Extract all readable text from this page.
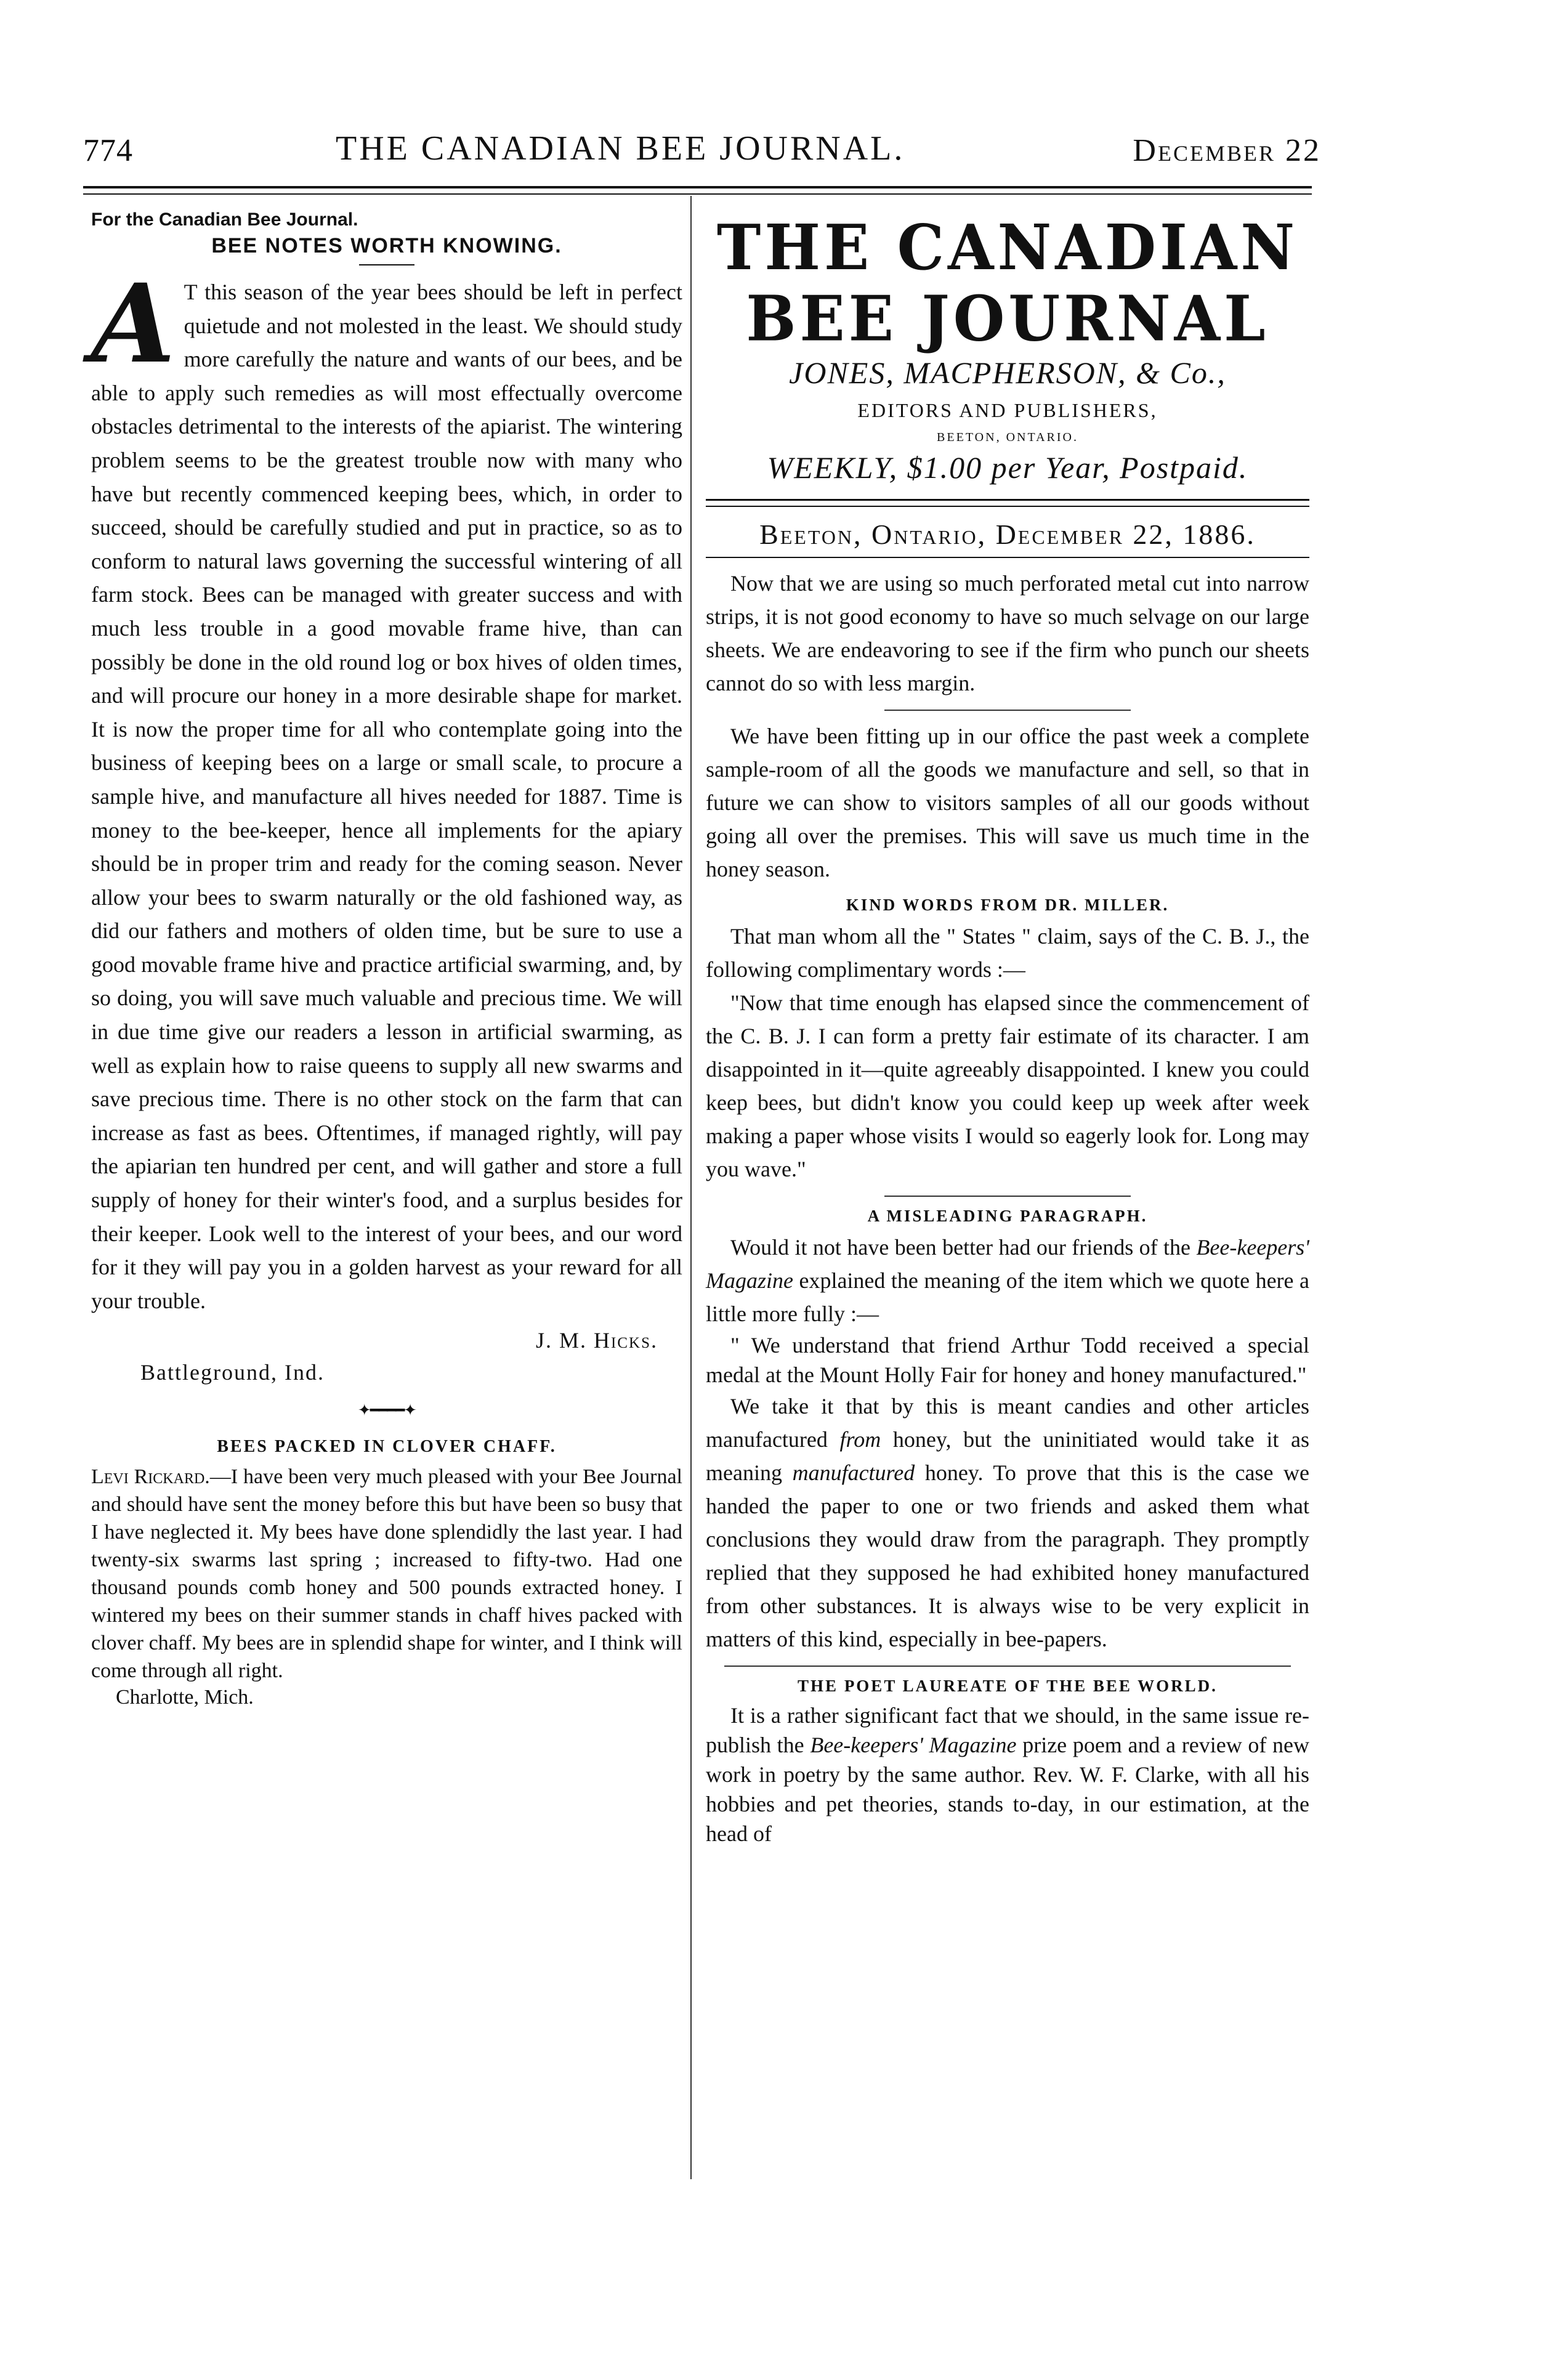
774	THE CANADIAN BEE JOURNAL.	December 22

For the Canadian Bee Journal.

BEE NOTES WORTH KNOWING.

A T this season of the year bees should be left in perfect quietude and not molested in the least. We should study more carefully the nature and wants of our bees, and be able to apply such remedies as will most effectually overcome obstacles detrimental to the interests of the apiarist. The wintering problem seems to be the greatest trouble now with many who have but recently commenced keeping bees, which, in order to succeed, should be carefully studied and put in practice, so as to conform to natural laws governing the successful wintering of all farm stock. Bees can be managed with greater success and with much less trouble in a good movable frame hive, than can possibly be done in the old round log or box hives of olden times, and will procure our honey in a more desirable shape for market. It is now the proper time for all who contemplate going into the business of keeping bees on a large or small scale, to procure a sample hive, and manufacture all hives needed for 1887. Time is money to the bee-keeper, hence all implements for the apiary should be in proper trim and ready for the coming season. Never allow your bees to swarm naturally or the old fashioned way, as did our fathers and mothers of olden time, but be sure to use a good movable frame hive and practice artificial swarming, and, by so doing, you will save much valuable and precious time. We will in due time give our readers a lesson in artificial swarming, as well as explain how to raise queens to supply all new swarms and save precious time. There is no other stock on the farm that can increase as fast as bees. Oftentimes, if managed rightly, will pay the apiarian ten hundred per cent, and will gather and store a full supply of honey for their winter's food, and a surplus besides for their keeper. Look well to the interest of your bees, and our word for it they will pay you in a golden harvest as your reward for all your trouble.

J. M. Hicks.

Battleground, Ind.

✦━━━━✦
BEES PACKED IN CLOVER CHAFF.

Levi Rickard.—I have been very much pleased with your Bee Journal and should have sent the money before this but have been so busy that I have neglected it. My bees have done splendidly the last year. I had twenty-six swarms last spring ; increased to fifty-two. Had one thousand pounds comb honey and 500 pounds extracted honey. I wintered my bees on their summer stands in chaff hives packed with clover chaff. My bees are in splendid shape for winter, and I think will come through all right.

Charlotte, Mich.

THE CANADIAN BEE JOURNAL

JONES, MACPHERSON, & Co.,

EDITORS AND PUBLISHERS,

BEETON, ONTARIO.

WEEKLY, $1.00 per Year, Postpaid.

Beeton, Ontario, December 22, 1886.

Now that we are using so much perforated metal cut into narrow strips, it is not good economy to have so much selvage on our large sheets. We are endeavoring to see if the firm who punch our sheets cannot do so with less margin.

We have been fitting up in our office the past week a complete sample-room of all the goods we manufacture and sell, so that in future we can show to visitors samples of all our goods without going all over the premises. This will save us much time in the honey season.

KIND WORDS FROM DR. MILLER.

That man whom all the " States " claim, says of the C. B. J., the following complimentary words :—

"Now that time enough has elapsed since the commencement of the C. B. J. I can form a pretty fair estimate of its character. I am disappointed in it—quite agreeably disappointed. I knew you could keep bees, but didn't know you could keep up week after week making a paper whose visits I would so eagerly look for. Long may you wave."

A MISLEADING PARAGRAPH.

Would it not have been better had our friends of the Bee-keepers' Magazine explained the meaning of the item which we quote here a little more fully :—

" We understand that friend Arthur Todd received a special medal at the Mount Holly Fair for honey and honey manufactured."

We take it that by this is meant candies and other articles manufactured from honey, but the uninitiated would take it as meaning manufactured honey. To prove that this is the case we handed the paper to one or two friends and asked them what conclusions they would draw from the paragraph. They promptly replied that they supposed he had exhibited honey manufactured from other substances. It is always wise to be very explicit in matters of this kind, especially in bee-papers.

THE POET LAUREATE OF THE BEE WORLD.

It is a rather significant fact that we should, in the same issue re-publish the Bee-keepers' Magazine prize poem and a review of new work in poetry by the same author. Rev. W. F. Clarke, with all his hobbies and pet theories, stands to-day, in our estimation, at the head of
